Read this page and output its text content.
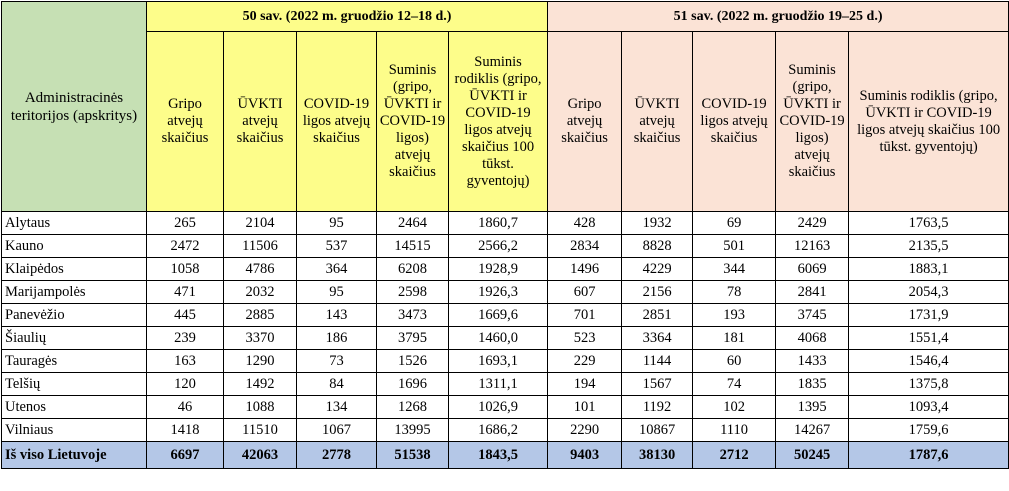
Administracinės teritorijos (apskritys)	50 sav. (2022 m. gruodžio 12–18 d.)					51 sav. (2022 m. gruodžio 19–25 d.)				
	Gripo atvejų skaičius	ŪVKTI atvejų skaičius	COVID-19 ligos atvejų skaičius	Suminis (gripo, ŪVKTI ir COVID-19 ligos) atvejų skaičius	Suminis rodiklis (gripo, ŪVKTI ir COVID-19 ligos atvejų skaičius 100 tūkst. gyventojų)	Gripo atvejų skaičius	ŪVKTI atvejų skaičius	COVID-19 ligos atvejų skaičius	Suminis (gripo, ŪVKTI ir COVID-19 ligos) atvejų skaičius	Suminis rodiklis (gripo, ŪVKTI ir COVID-19 ligos atvejų skaičius 100 tūkst. gyventojų)
Alytaus	265	2104	95	2464	1860,7	428	1932	69	2429	1763,5
Kauno	2472	11506	537	14515	2566,2	2834	8828	501	12163	2135,5
Klaipėdos	1058	4786	364	6208	1928,9	1496	4229	344	6069	1883,1
Marijampolės	471	2032	95	2598	1926,3	607	2156	78	2841	2054,3
Panevėžio	445	2885	143	3473	1669,6	701	2851	193	3745	1731,9
Šiaulių	239	3370	186	3795	1460,0	523	3364	181	4068	1551,4
Tauragės	163	1290	73	1526	1693,1	229	1144	60	1433	1546,4
Telšių	120	1492	84	1696	1311,1	194	1567	74	1835	1375,8
Utenos	46	1088	134	1268	1026,9	101	1192	102	1395	1093,4
Vilniaus	1418	11510	1067	13995	1686,2	2290	10867	1110	14267	1759,6
Iš viso Lietuvoje	6697	42063	2778	51538	1843,5	9403	38130	2712	50245	1787,6
